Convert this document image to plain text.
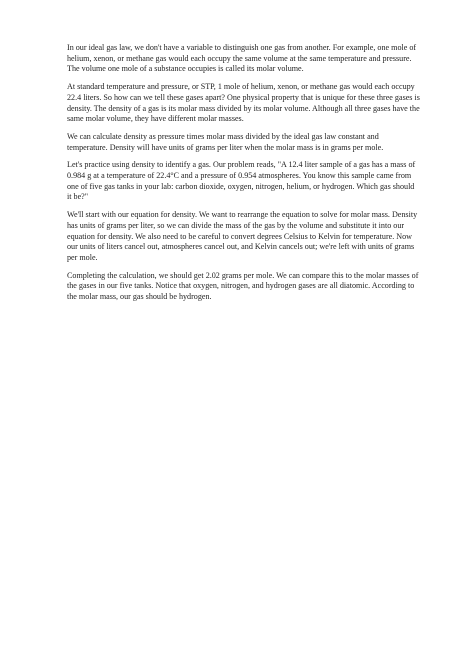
In our ideal gas law, we don't have a variable to distinguish one gas from another. For example, one mole of helium, xenon, or methane gas would each occupy the same volume at the same temperature and pressure. The volume one mole of a substance occupies is called its molar volume.

At standard temperature and pressure, or STP, 1 mole of helium, xenon, or methane gas would each occupy 22.4 liters. So how can we tell these gases apart? One physical property that is unique for these three gases is density. The density of a gas is its molar mass divided by its molar volume. Although all three gases have the same molar volume, they have different molar masses.

We can calculate density as pressure times molar mass divided by the ideal gas law constant and temperature. Density will have units of grams per liter when the molar mass is in grams per mole.

Let's practice using density to identify a gas. Our problem reads, "A 12.4 liter sample of a gas has a mass of 0.984 g at a temperature of 22.4°C and a pressure of 0.954 atmospheres. You know this sample came from one of five gas tanks in your lab: carbon dioxide, oxygen, nitrogen, helium, or hydrogen. Which gas should it be?"

We'll start with our equation for density. We want to rearrange the equation to solve for molar mass. Density has units of grams per liter, so we can divide the mass of the gas by the volume and substitute it into our equation for density. We also need to be careful to convert degrees Celsius to Kelvin for temperature. Now our units of liters cancel out, atmospheres cancel out, and Kelvin cancels out; we're left with units of grams per mole.

Completing the calculation, we should get 2.02 grams per mole. We can compare this to the molar masses of the gases in our five tanks. Notice that oxygen, nitrogen, and hydrogen gases are all diatomic. According to the molar mass, our gas should be hydrogen.
